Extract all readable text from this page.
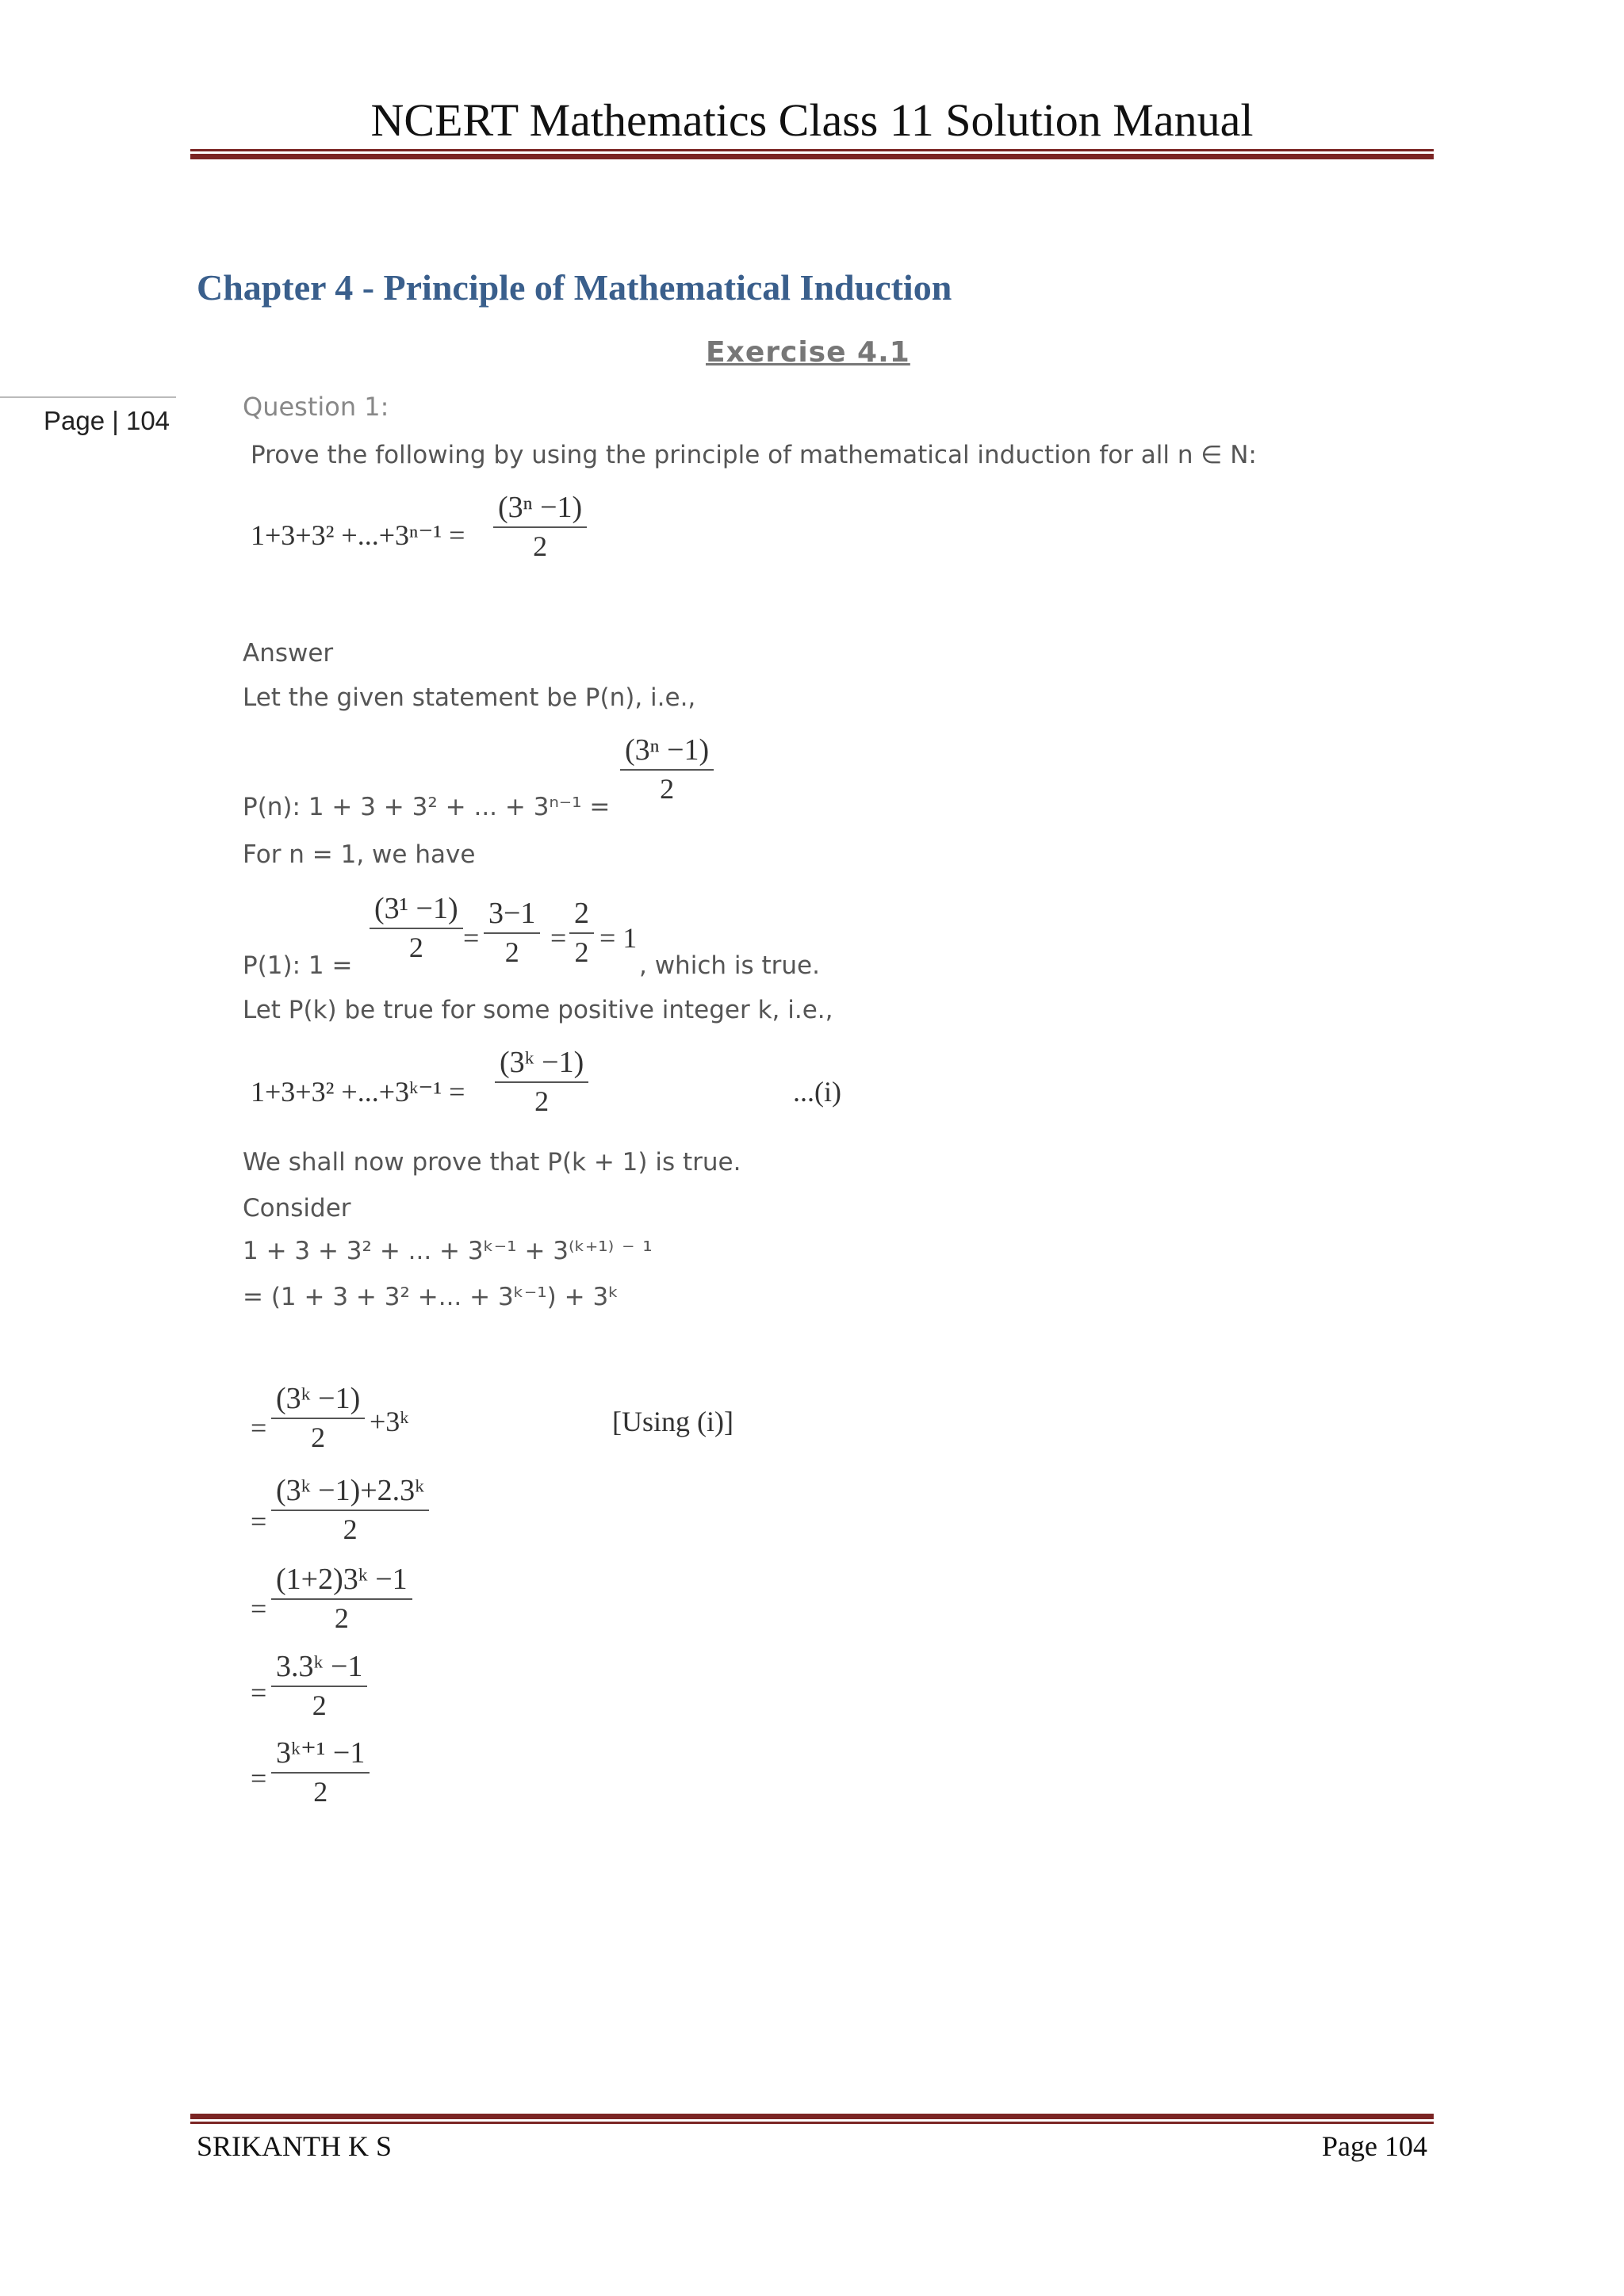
NCERT Mathematics Class 11 Solution Manual
Chapter 4 - Principle of Mathematical Induction
Exercise 4.1
Page | 104	Question 1:
Prove the following by using the principle of mathematical induction for all n ∈ N:
$1+3+3^2 +...+3^{n-1} = \frac{\text{(3ⁿ −1)}}{2}$
Answer
Let the given statement be P(n), i.e.,
P(n): 1 + 3 + 3² + ... + 3ⁿ⁻¹ =
$\frac{\text{(3ⁿ −1)}}{2}$
For n = 1, we have
P(1): 1 =
$\frac{\text{(3¹ −1)}}{2} = \frac{3-1}{2} = \frac{2}{2} = 1$
, which is true.
Let P(k) be true for some positive integer k, i.e.,
1+3+3² +...+3ᵏ⁻¹ = $\frac{\text{(3ᵏ −1)}}{2}$	...(i)
We shall now prove that P(k + 1) is true.
Consider
1 + 3 + 3² + ... + 3ᵏ⁻¹ + 3⁽ᵏ⁺¹⁾ ⁻ ¹
= (1 + 3 + 3² +... + 3ᵏ⁻¹) + 3ᵏ
= $\frac{\text{(3ᵏ −1)}}{2}$ +3ᵏ	[Using (i)]
= $\frac{\text{(3ᵏ −1)+2.3ᵏ}}{2}$
= $\frac{\text{(1+2)3ᵏ −1}}{2}$
= $\frac{\text{3.3ᵏ −1}}{2}$
= $\frac{\text{3ᵏ⁺¹ −1}}{2}$
SRIKANTH K S	Page 104
